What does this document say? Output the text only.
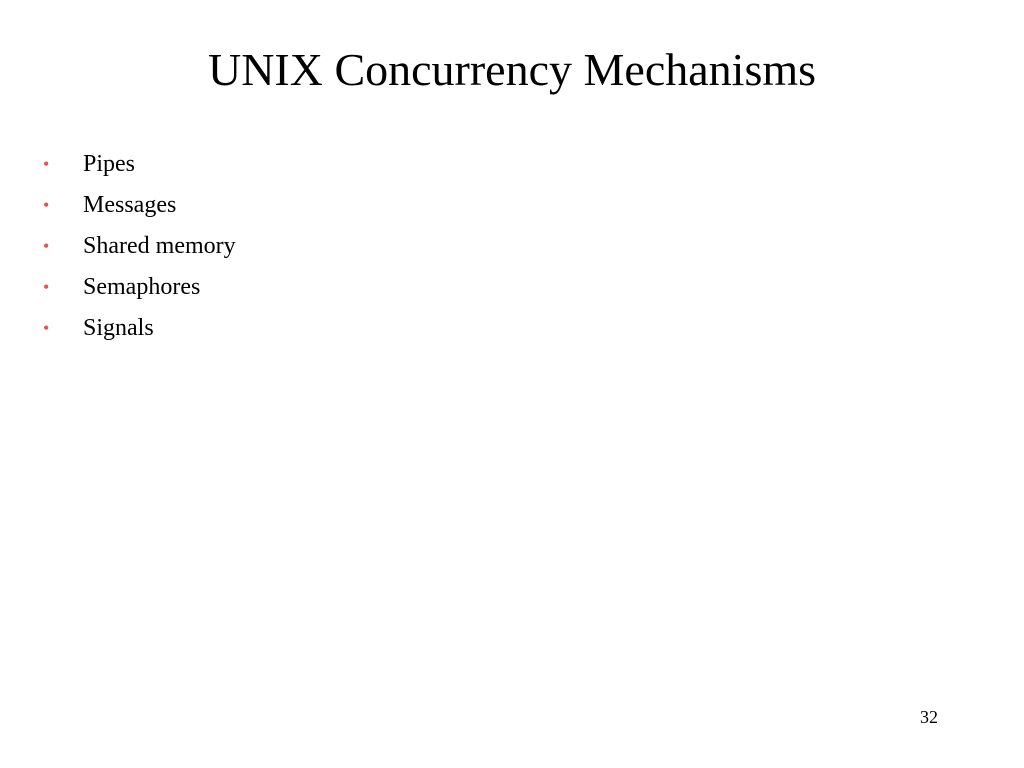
UNIX Concurrency Mechanisms
•	Pipes
•	Messages
•	Shared memory
•	Semaphores
•	Signals
32
